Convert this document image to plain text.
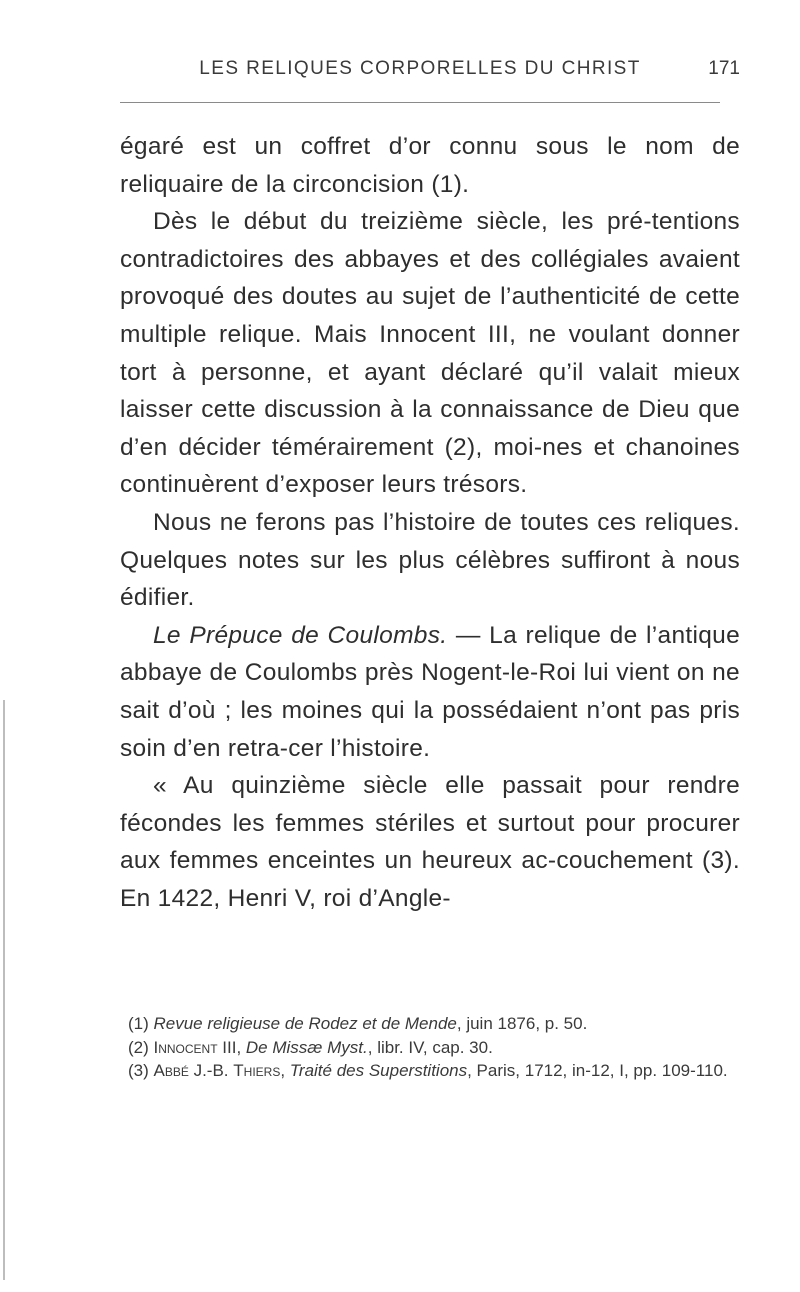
LES RELIQUES CORPORELLES DU CHRIST	171

égaré est un coffret d’or connu sous le nom de reliquaire de la circoncision (1).

Dès le début du treizième siècle, les pré-tentions contradictoires des abbayes et des collégiales avaient provoqué des doutes au sujet de l’authenticité de cette multiple relique. Mais Innocent III, ne voulant donner tort à personne, et ayant déclaré qu’il valait mieux laisser cette discussion à la connaissance de Dieu que d’en décider témérairement (2), moi-nes et chanoines continuèrent d’exposer leurs trésors.

Nous ne ferons pas l’histoire de toutes ces reliques. Quelques notes sur les plus célèbres suffiront à nous édifier.

Le Prépuce de Coulombs. — La relique de l’antique abbaye de Coulombs près Nogent-le-Roi lui vient on ne sait d’où ; les moines qui la possédaient n’ont pas pris soin d’en retra-cer l’histoire.

« Au quinzième siècle elle passait pour rendre fécondes les femmes stériles et surtout pour procurer aux femmes enceintes un heureux ac-couchement (3). En 1422, Henri V, roi d’Angle-

(1) Revue religieuse de Rodez et de Mende, juin 1876, p. 50.

(2) Innocent III, De Missæ Myst., libr. IV, cap. 30.

(3) Abbé J.-B. Thiers, Traité des Superstitions, Paris, 1712, in-12, I, pp. 109-110.
